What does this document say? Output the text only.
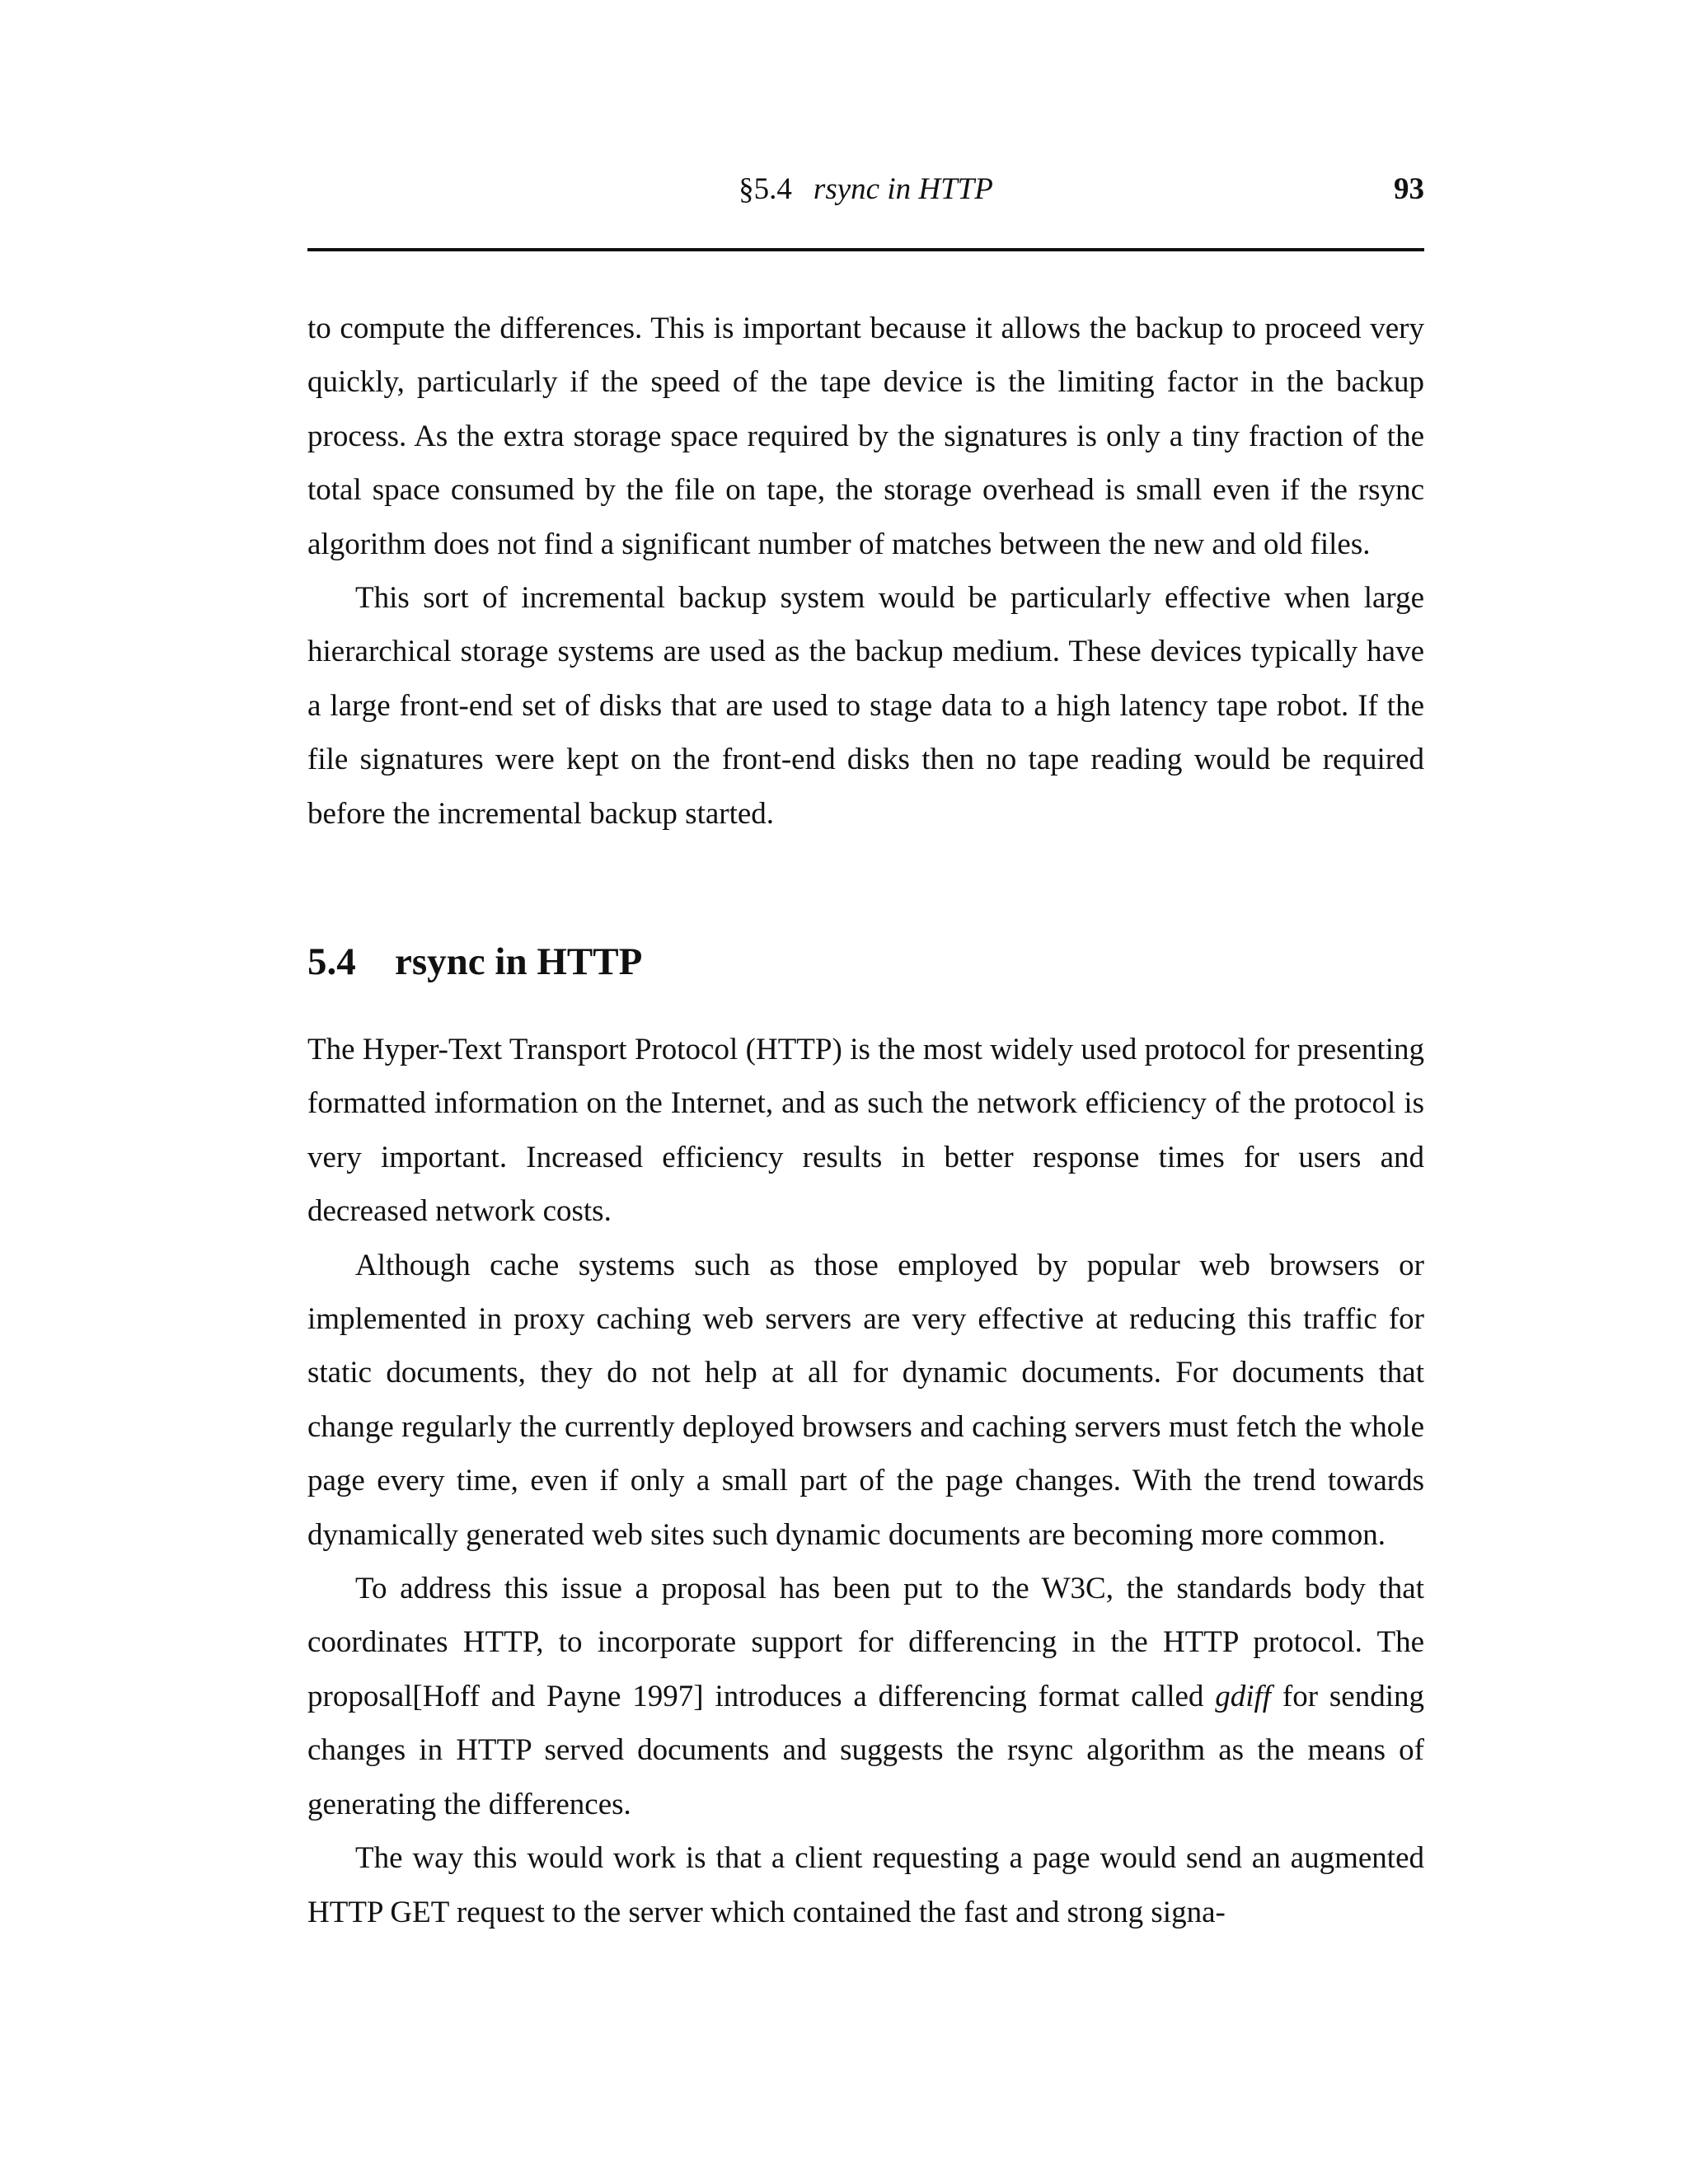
§5.4 rsync in HTTP	93

to compute the differences. This is important because it allows the backup to proceed very quickly, particularly if the speed of the tape device is the limiting factor in the backup process. As the extra storage space required by the signatures is only a tiny fraction of the total space consumed by the file on tape, the storage overhead is small even if the rsync algorithm does not find a significant number of matches between the new and old files.

This sort of incremental backup system would be particularly effective when large hierarchical storage systems are used as the backup medium. These devices typically have a large front-end set of disks that are used to stage data to a high latency tape robot. If the file signatures were kept on the front-end disks then no tape reading would be required before the incremental backup started.

5.4 rsync in HTTP

The Hyper-Text Transport Protocol (HTTP) is the most widely used protocol for presenting formatted information on the Internet, and as such the network efficiency of the protocol is very important. Increased efficiency results in better response times for users and decreased network costs.

Although cache systems such as those employed by popular web browsers or implemented in proxy caching web servers are very effective at reducing this traffic for static documents, they do not help at all for dynamic documents. For documents that change regularly the currently deployed browsers and caching servers must fetch the whole page every time, even if only a small part of the page changes. With the trend towards dynamically generated web sites such dynamic documents are becoming more common.

To address this issue a proposal has been put to the W3C, the standards body that coordinates HTTP, to incorporate support for differencing in the HTTP protocol. The proposal[Hoff and Payne 1997] introduces a differencing format called gdiff for sending changes in HTTP served documents and suggests the rsync algorithm as the means of generating the differences.

The way this would work is that a client requesting a page would send an augmented HTTP GET request to the server which contained the fast and strong signa-
